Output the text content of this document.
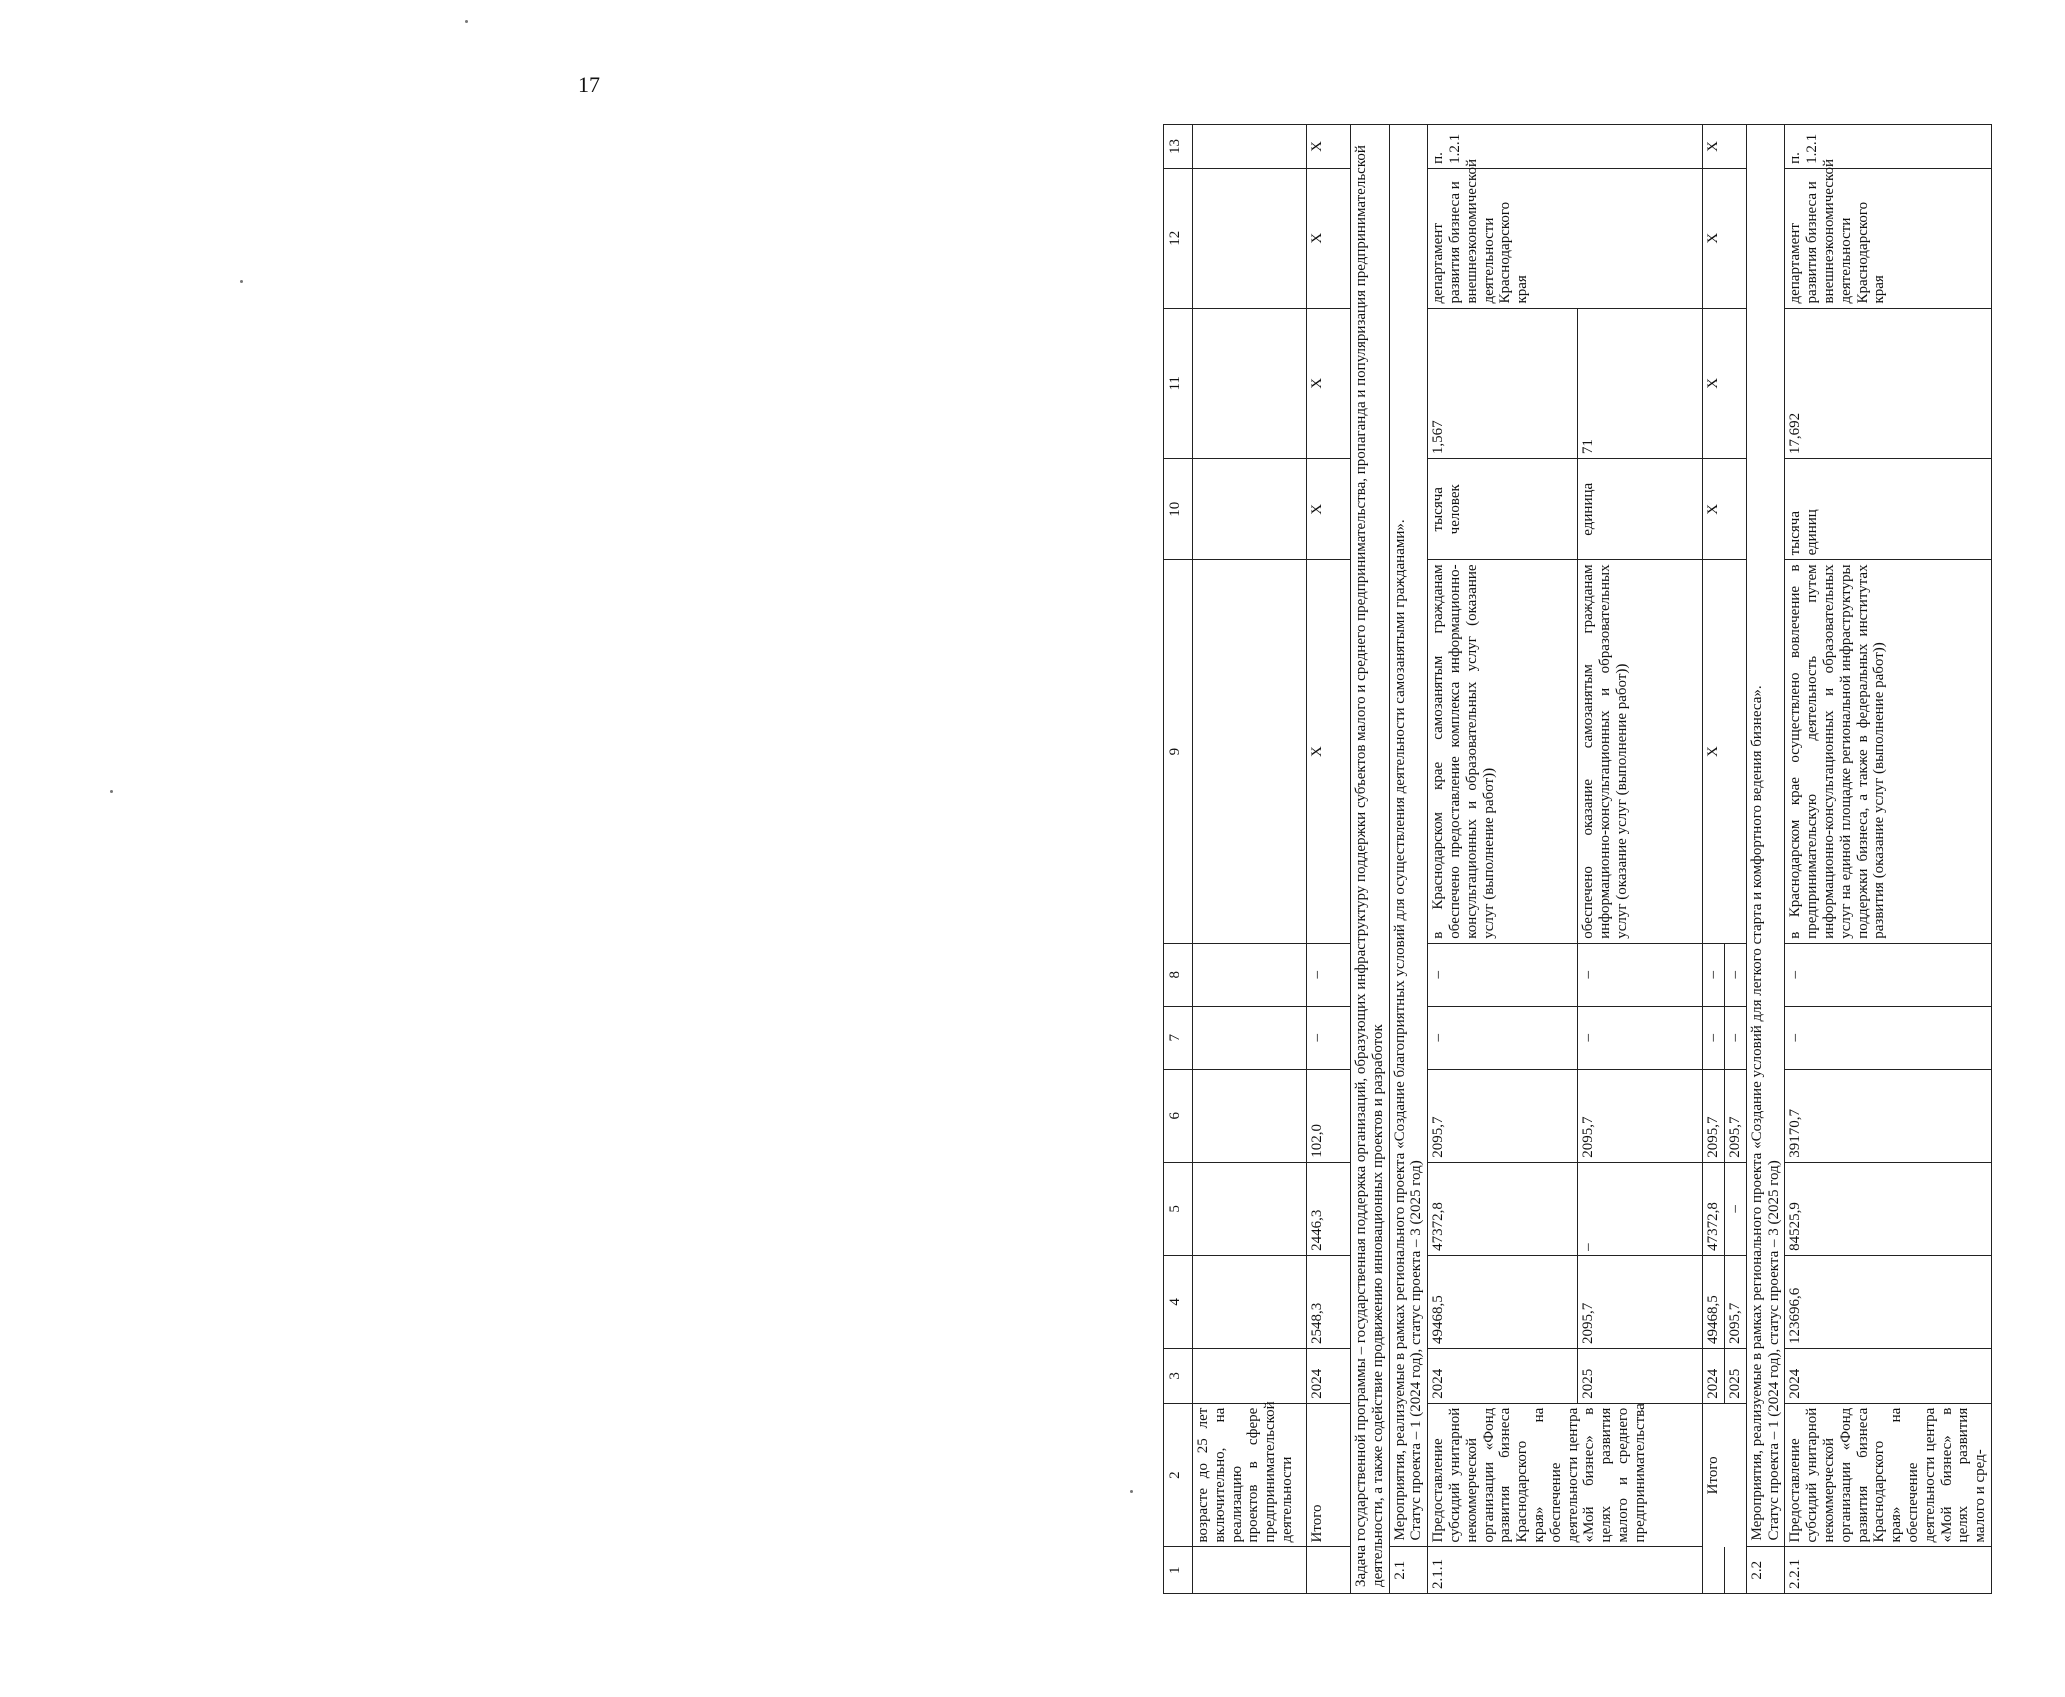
17
1	2	3	4	5	6	7	8	9	10	11	12	13
	возрасте до 25 лет включительно, на реализацию проектов в сфере предпринимательской деятельности											
	Итого	2024	2548,3	2446,3	102,0	–	–	Х	Х	Х	Х	Х
Задача государственной программы – государственная поддержка организаций, образующих инфраструктуру поддержки субъектов малого и среднего предпринимательства, пропаганда и популяризация предпринимательской деятельности, а также содействие продвижению инновационных проектов и разработок												
2.1	Мероприятия, реализуемые в рамках регионального проекта «Создание благоприятных условий для осуществления деятельности самозанятыми гражданами». Статус проекта – 1 (2024 год), статус проекта – 3 (2025 год)											

2.1.1	Предоставление субсидий унитарной некоммерческой организации «Фонд развития бизнеса Краснодарского края» на обеспечение деятельности центра «Мой бизнес» в целях развития малого и среднего предпринимательства	2024	49468,5	47372,8	2095,7	–	–	в Краснодарском крае самозанятым гражданам обеспечено предоставление комплекса информационно-консультационных и образовательных услуг (оказание услуг (выполнение работ))	тысяча человек	1,567	департамент развития бизнеса и внешнеэкономической деятельности Краснодарского края	п. 1.2.1
		2025	2095,7	–	2095,7	–	–	обеспечено оказание самозанятым гражданам информационно-консультационных и образовательных услуг (оказание услуг (выполнение работ))	единица	71		
	Итого	2024	49468,5	47372,8	2095,7	–	–	Х	Х	Х	Х	Х
		2025	2095,7	–	2095,7	–	–					
2.2	Мероприятия, реализуемые в рамках регионального проекта «Создание условий для легкого старта и комфортного ведения бизнеса». Статус проекта – 1 (2024 год), статус проекта – 3 (2025 год)											

2.2.1	Предоставление субсидий унитарной некоммерческой организации «Фонд развития бизнеса Краснодарского края» на обеспечение деятельности центра «Мой бизнес» в целях развития малого и сред-	2024	123696,6	84525,9	39170,7	–	–	в Краснодарском крае осуществлено вовлечение в предпринимательскую деятельность путем информационно-консультационных и образовательных услуг на единой площадке региональной инфраструктуры поддержки бизнеса, а также в федеральных институтах развития (оказание услуг (выполнение работ))	тысяча единиц	17,692	департамент развития бизнеса и внешнеэкономической деятельности Краснодарского края	п. 1.2.1
